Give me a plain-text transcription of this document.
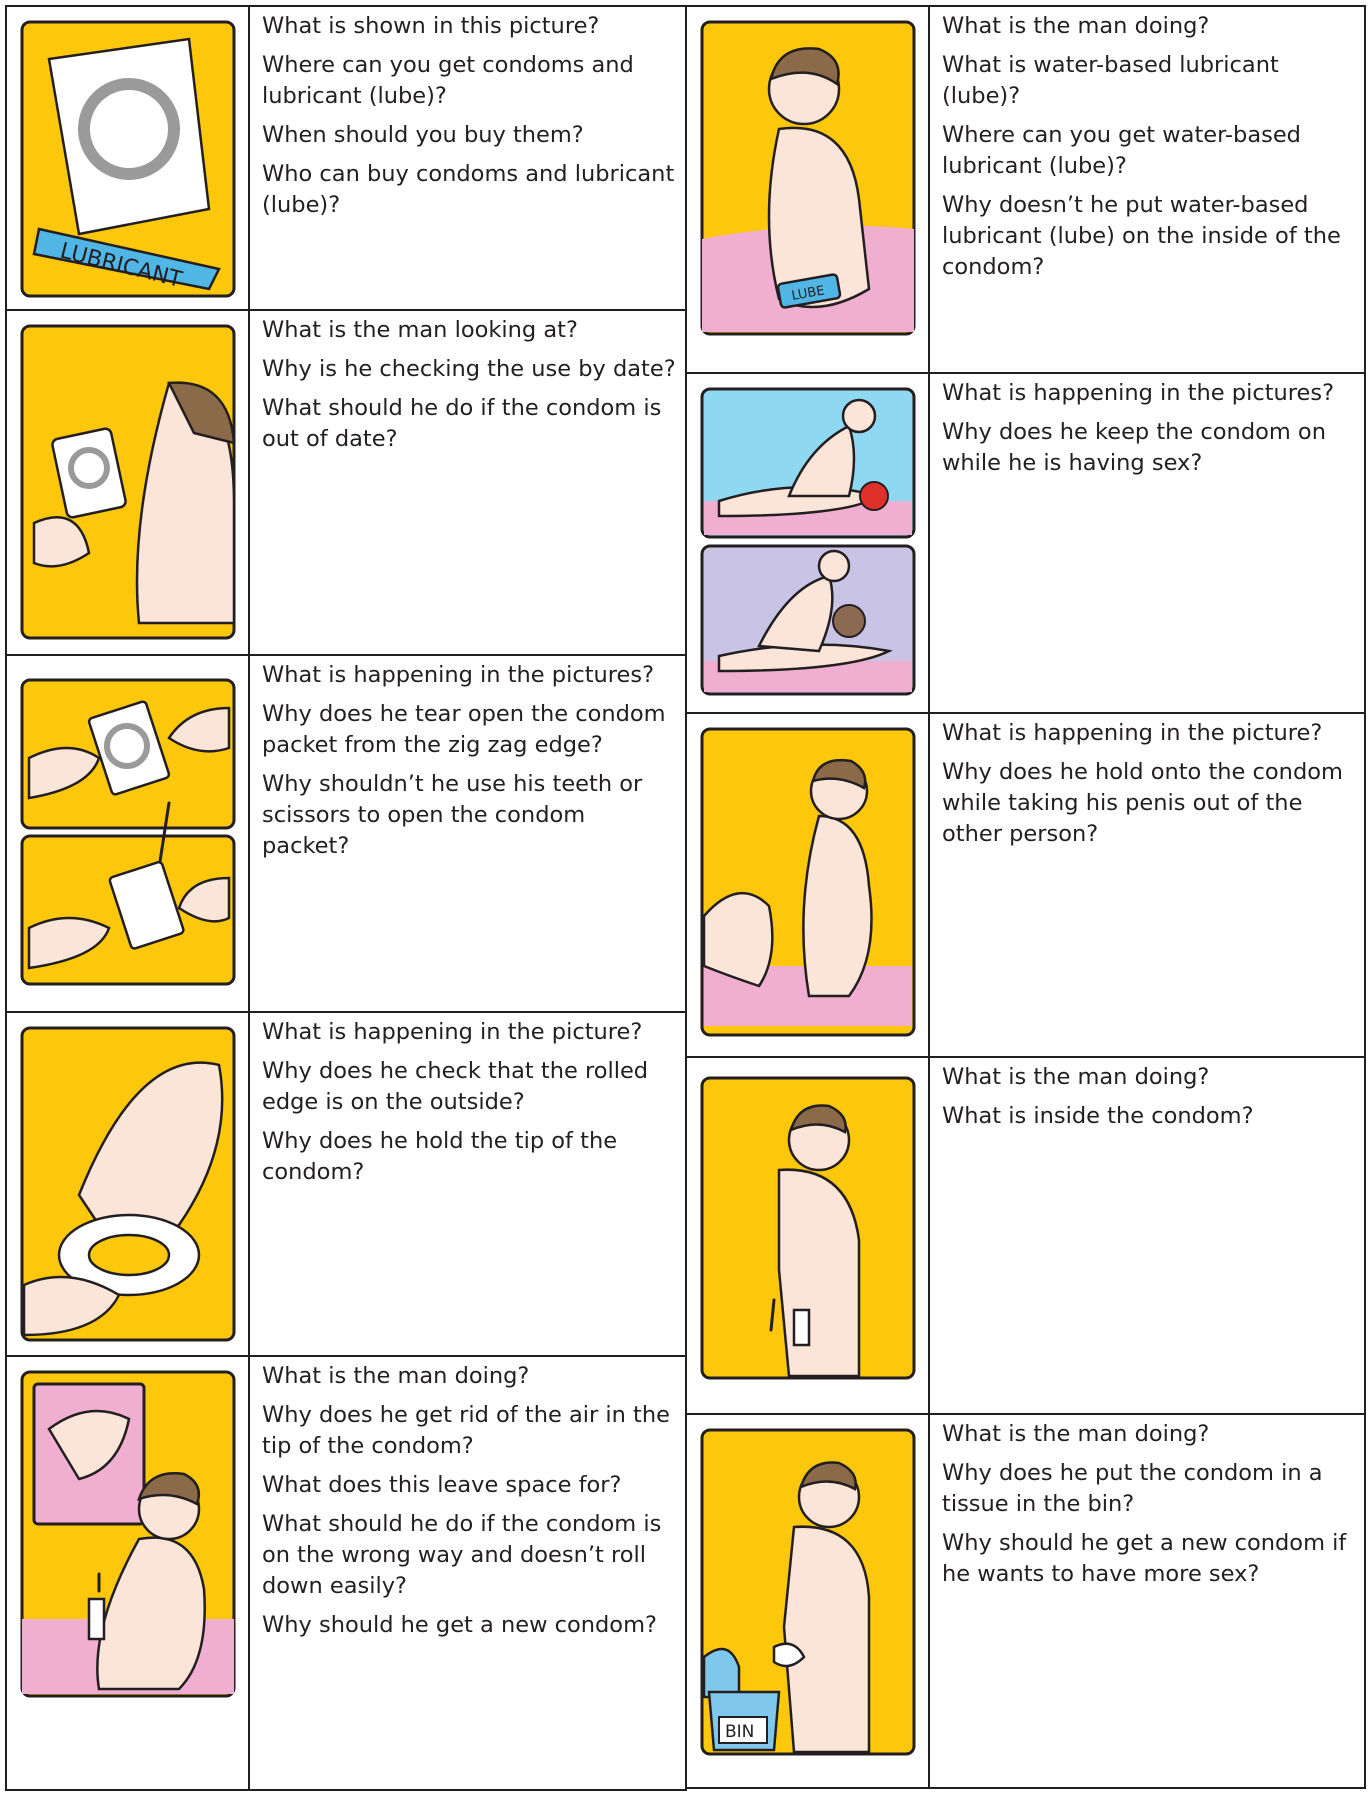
LUBRICANT

What is shown in this picture?

Where can you get condoms and lubricant (lube)?

When should you buy them?

Who can buy condoms and lubricant (lube)?

What is the man looking at?

Why is he checking the use by date?

What should he do if the condom is out of date?

What is happening in the pictures?

Why does he tear open the condom packet from the zig zag edge?

Why shouldn’t he use his teeth or scissors to open the condom packet?

What is happening in the picture?

Why does he check that the rolled edge is on the outside?

Why does he hold the tip of the condom?

What is the man doing?

Why does he get rid of the air in the tip of the condom?

What does this leave space for?

What should he do if the condom is on the wrong way and doesn’t roll down easily?

Why should he get a new condom?

LUBE

What is the man doing?

What is water-based lubricant (lube)?

Where can you get water-based lubricant (lube)?

Why doesn’t he put water-based lubricant (lube) on the inside of the condom?

What is happening in the pictures?

Why does he keep the condom on while he is having sex?

What is happening in the picture?

Why does he hold onto the condom while taking his penis out of the other person?

What is the man doing?

What is inside the condom?

BIN

What is the man doing?

Why does he put the condom in a tissue in the bin?

Why should he get a new condom if he wants to have more sex?
